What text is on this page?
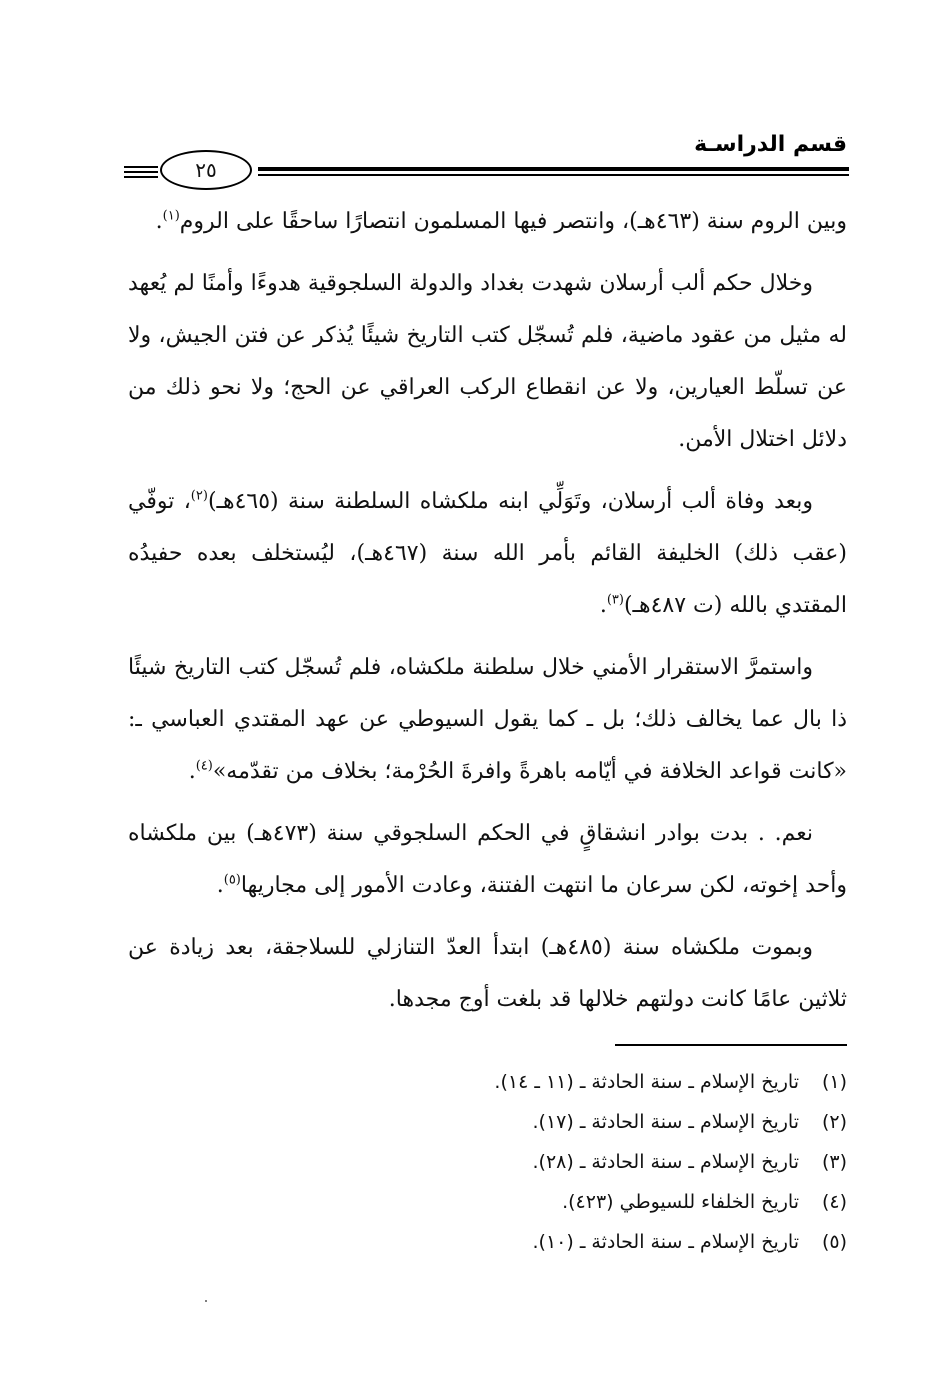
قسم الدراسـة
٢٥

وبين الروم سنة (٤٦٣هـ)، وانتصر فيها المسلمون انتصارًا ساحقًا على الروم$^{(١)}$.

وخلال حكم ألب أرسلان شهدت بغداد والدولة السلجوقية هدوءًا وأمنًا لم يُعهد له مثيل من عقود ماضية، فلم تُسجّل كتب التاريخ شيئًا يُذكر عن فتن الجيش، ولا عن تسلّط العيارين، ولا عن انقطاع الركب العراقي عن الحج؛ ولا نحو ذلك من دلائل اختلال الأمن.

وبعد وفاة ألب أرسلان، وتَوَلِّي ابنه ملكشاه السلطنة سنة (٤٦٥هـ)$^{(٢)}$، توفّي (عقب ذلك) الخليفة القائم بأمر الله سنة (٤٦٧هـ)، ليُستخلف بعده حفيدُه المقتدي بالله (ت ٤٨٧هـ)$^{(٣)}$.

واستمرَّ الاستقرار الأمني خلال سلطنة ملكشاه، فلم تُسجّل كتب التاريخ شيئًا ذا بال عما يخالف ذلك؛ بل ـ كما يقول السيوطي عن عهد المقتدي العباسي ـ: «كانت قواعد الخلافة في أيّامه باهرةً وافرةَ الحُرْمة؛ بخلاف من تقدّمه»$^{(٤)}$.

نعم. . بدت بوادر انشقاقٍ في الحكم السلجوقي سنة (٤٧٣هـ) بين ملكشاه وأحد إخوته، لكن سرعان ما انتهت الفتنة، وعادت الأمور إلى مجاريها$^{(٥)}$.

وبموت ملكشاه سنة (٤٨٥هـ) ابتدأ العدّ التنازلي للسلاجقة، بعد زيادة عن ثلاثين عامًا كانت دولتهم خلالها قد بلغت أوج مجدها.

(١)
تاريخ الإسلام ـ سنة الحادثة ـ (١١ ـ ١٤).
(٢)
تاريخ الإسلام ـ سنة الحادثة ـ (١٧).
(٣)
تاريخ الإسلام ـ سنة الحادثة ـ (٢٨).
(٤)
تاريخ الخلفاء للسيوطي (٤٢٣).
(٥)
تاريخ الإسلام ـ سنة الحادثة ـ (١٠).
